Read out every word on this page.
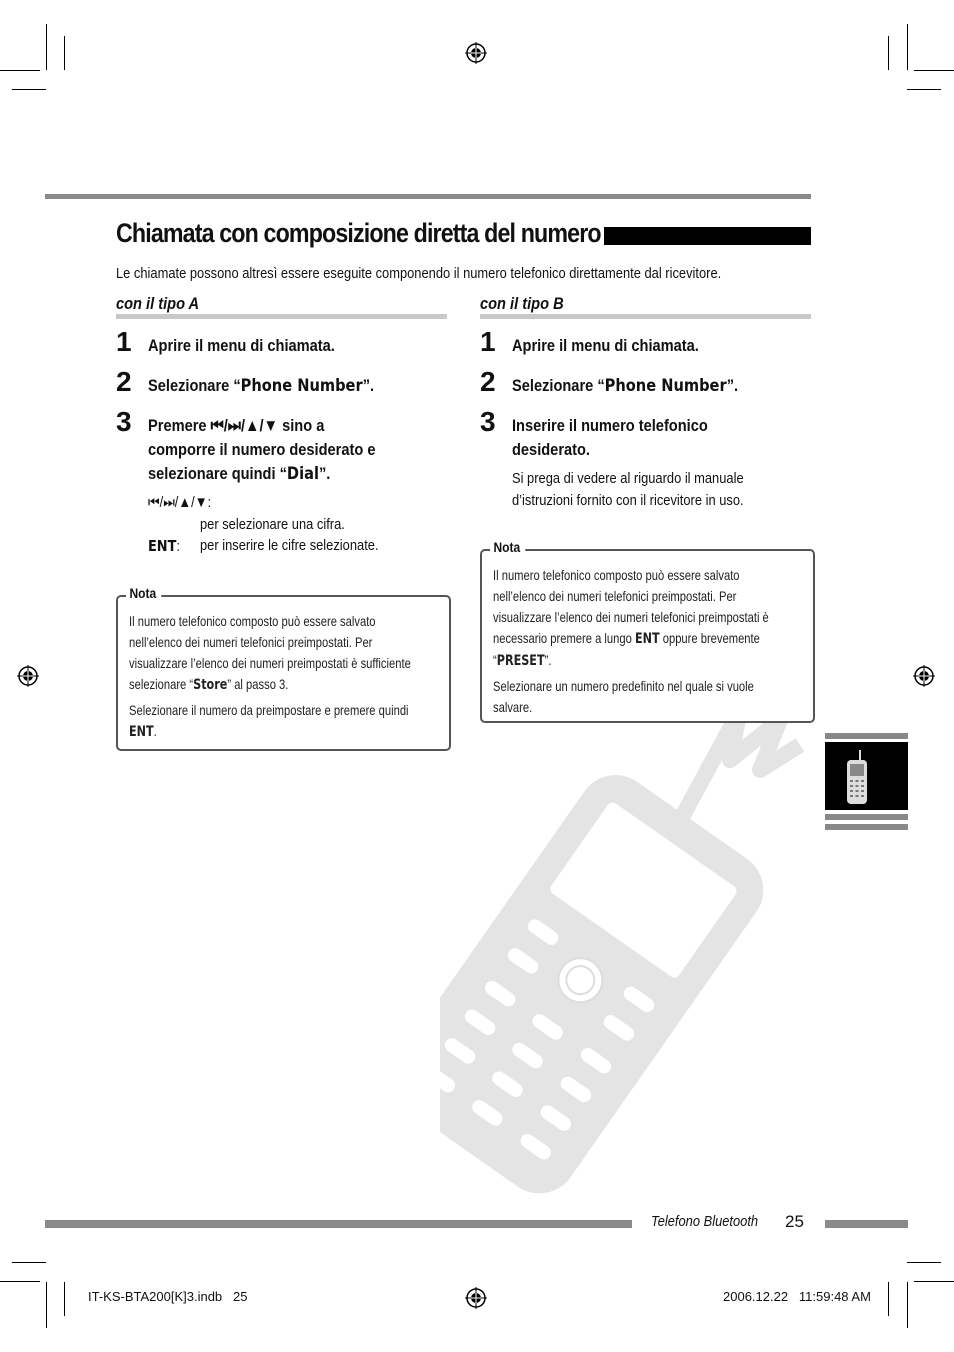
Chiamata con composizione diretta del numero
Le chiamate possono altresì essere eseguite componendo il numero telefonico direttamente dal ricevitore.
con il tipo A
1 Aprire il menu di chiamata.
2 Selezionare “Phone Number”.
3 Premere ⏮/⏭/▲/▼ sino a
comporre il numero desiderato e
selezionare quindi “Dial”.
⏮/⏭/▲/▼:
per selezionare una cifra.
ENT: per inserire le cifre selezionate.
Nota
Il numero telefonico composto può essere salvato
nell’elenco dei numeri telefonici preimpostati. Per
visualizzare l’elenco dei numeri preimpostati è sufficiente
selezionare “Store” al passo 3.
Selezionare il numero da preimpostare e premere quindi
ENT.
con il tipo B
1 Aprire il menu di chiamata.
2 Selezionare “Phone Number”.
3 Inserire il numero telefonico
desiderato.
Si prega di vedere al riguardo il manuale
d’istruzioni fornito con il ricevitore in uso.
Nota
Il numero telefonico composto può essere salvato
nell’elenco dei numeri telefonici preimpostati. Per
visualizzare l’elenco dei numeri telefonici preimpostati è
necessario premere a lungo ENT oppure brevemente
“PRESET”.
Selezionare un numero predefinito nel quale si vuole
salvare.
Telefono Bluetooth 25
IT-KS-BTA200[K]3.indb   25	2006.12.22   11:59:48 AM
